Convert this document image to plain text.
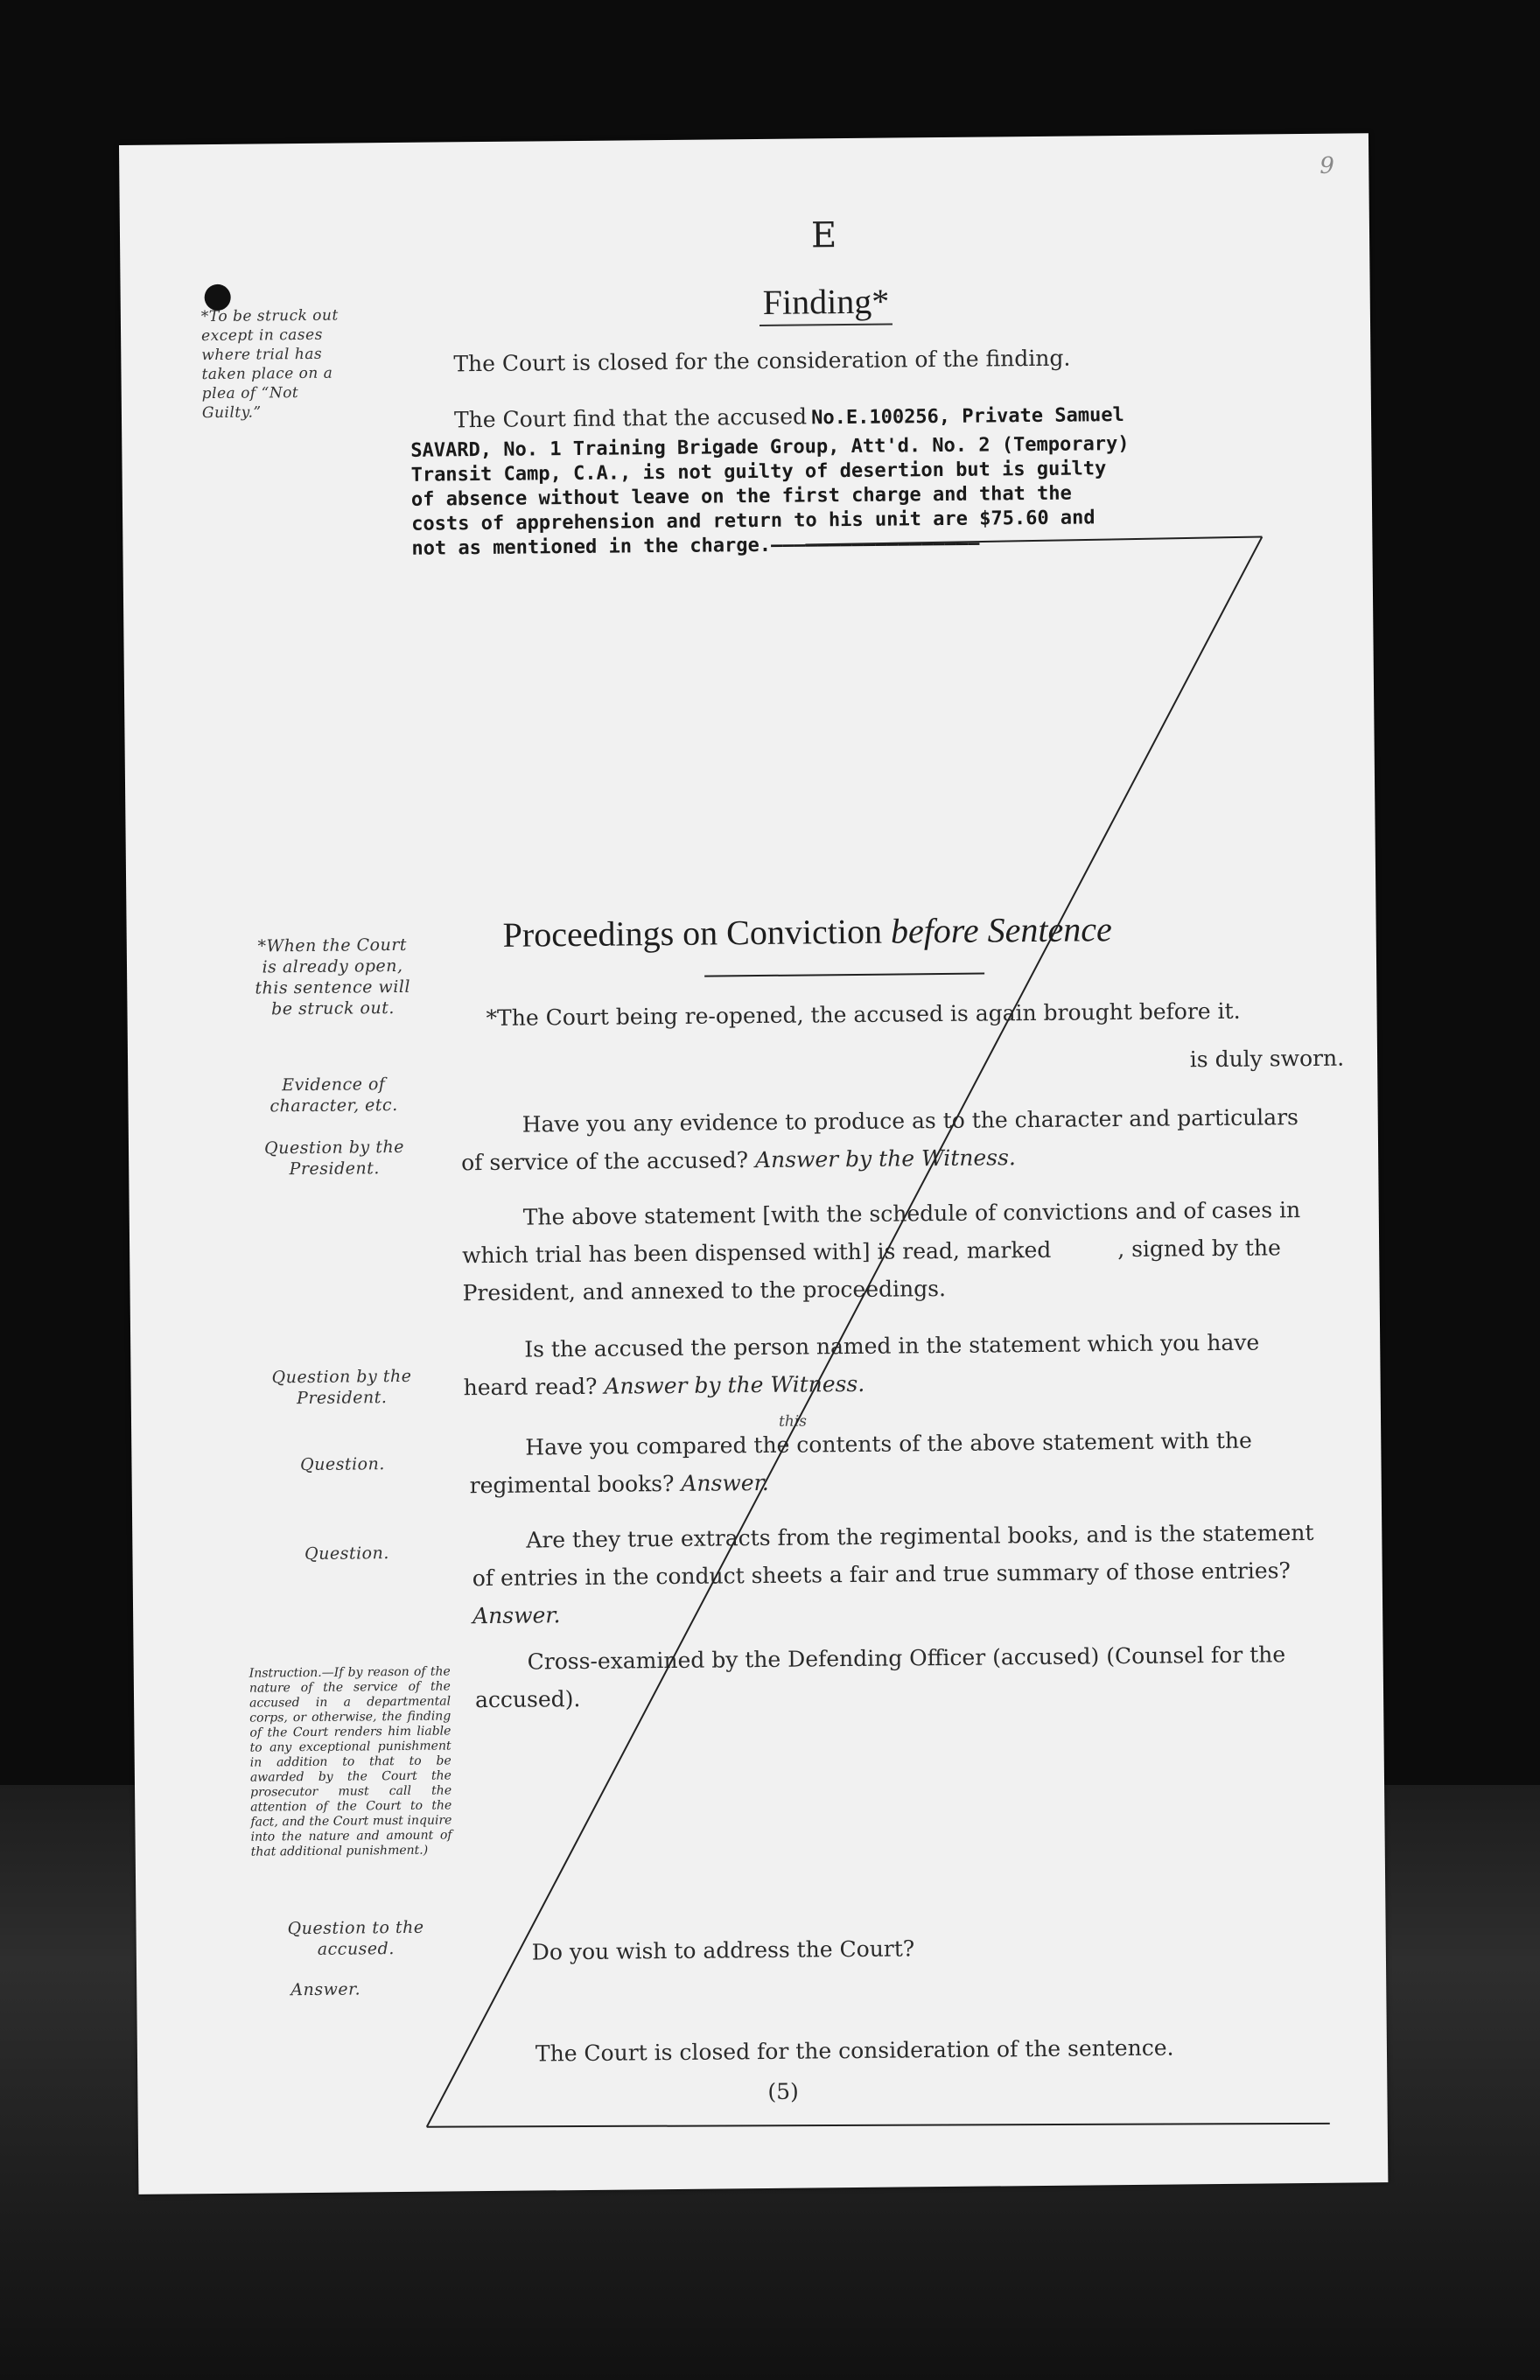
9

E

Finding*

*To be struck out except in cases where trial has taken place on a plea of “Not Guilty.”

The Court is closed for the consideration of the finding.

The Court find that the accused No.E.100256, Private Samuel
SAVARD, No. 1 Training Brigade Group, Att'd. No. 2 (Temporary)
Transit Camp, C.A., is not guilty of desertion but is guilty
of absence without leave on the first charge and that the
costs of apprehension and return to his unit are $75.60 and
not as mentioned in the charge.——————————————————

Proceedings on Conviction before Sentence

*When the Court is already open, this sentence will be struck out.

Evidence of character, etc.

Question by the President.

Question by the President.

Question.

Question.

Instruction.—If by reason of the nature of the service of the accused in a departmental corps, or otherwise, the finding of the Court renders him liable to any exceptional punishment in addition to that to be awarded by the Court the prosecutor must call the attention of the Court to the fact, and the Court must inquire into the nature and amount of that additional punishment.)

Question to the accused.

Answer.

*The Court being re-opened, the accused is again brought before it.
is duly sworn.
Have you any evidence to produce as to the character and particulars
of service of the accused? Answer by the Witness.
The above statement [with the schedule of convictions and of cases in
which trial has been dispensed with] is read, marked	, signed by the
President, and annexed to the proceedings.
Is the accused the person named in the statement which you have
heard read? Answer by the Witness.
this
Have you compared the contents of the above statement with the
regimental books? Answer.
Are they true extracts from the regimental books, and is the statement
of entries in the conduct sheets a fair and true summary of those entries?
Answer.
Cross-examined by the Defending Officer (accused) (Counsel for the
accused).

Do you wish to address the Court?

The Court is closed for the consideration of the sentence.

(5)
